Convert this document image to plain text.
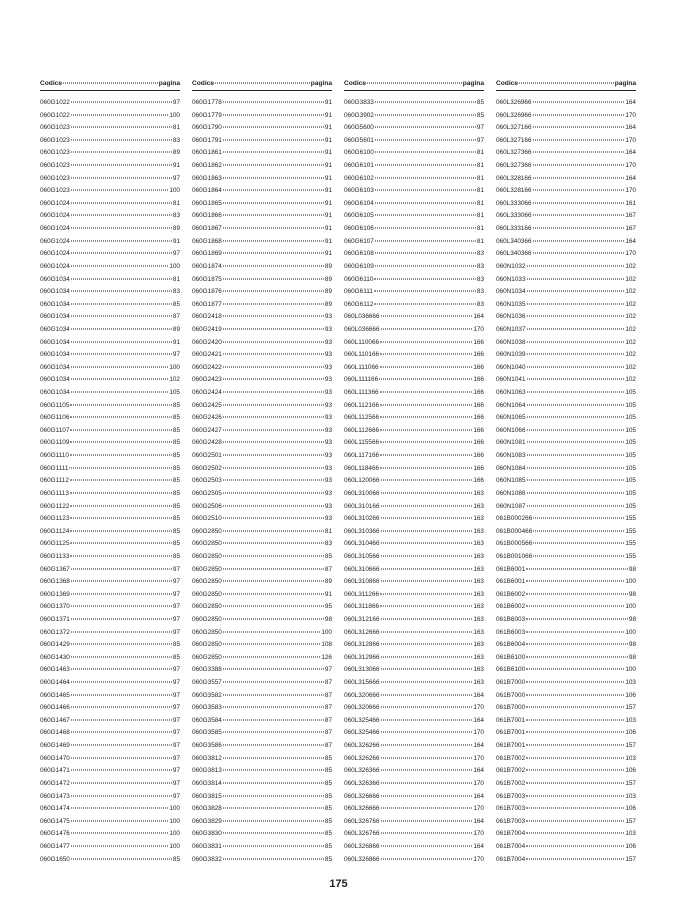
Codice	pagina
060G1022	97
060G1022	100
060G1023	81
060G1023	83
060G1023	89
060G1023	91
060G1023	97
060G1023	100
060G1024	81
060G1024	83
060G1024	89
060G1024	91
060G1024	97
060G1024	100
060G1034	81
060G1034	83
060G1034	85
060G1034	87
060G1034	89
060G1034	91
060G1034	97
060G1034	100
060G1034	102
060G1034	105
060G1105	85
060G1106	85
060G1107	85
060G1109	85
060G1110	85
060G1111	85
060G1112	85
060G1113	85
060G1122	85
060G1123	85
060G1124	85
060G1125	85
060G1133	85
060G1367	97
060G1368	97
060G1369	97
060G1370	97
060G1371	97
060G1372	97
060G1429	85
060G1430	85
060G1463	97
060G1464	97
060G1465	97
060G1466	97
060G1467	97
060G1468	97
060G1469	97
060G1470	97
060G1471	97
060G1472	97
060G1473	97
060G1474	100
060G1475	100
060G1476	100
060G1477	100
060G1650	85
Codice	pagina
060G1778	91
060G1779	91
060G1790	91
060G1791	91
060G1861	91
060G1862	91
060G1863	91
060G1864	91
060G1865	91
060G1866	91
060G1867	91
060G1868	91
060G1869	91
060G1874	89
060G1875	89
060G1876	89
060G1877	89
060G2418	93
060G2419	93
060G2420	93
060G2421	93
060G2422	93
060G2423	93
060G2424	93
060G2425	93
060G2426	93
060G2427	93
060G2428	93
060G2501	93
060G2502	93
060G2503	93
060G2505	93
060G2506	93
060G2510	93
060G2850	81
060G2850	83
060G2850	85
060G2850	87
060G2850	89
060G2850	91
060G2850	95
060G2850	98
060G2850	100
060G2850	108
060G2850	126
060G3388	97
060G3557	87
060G3582	87
060G3583	87
060G3584	87
060G3585	87
060G3586	87
060G3812	85
060G3813	85
060G3814	85
060G3815	85
060G3828	85
060G3829	85
060G3830	85
060G3831	85
060G3832	85
Codice	pagina
060G3833	85
060G3902	85
060G5600	97
060G5601	97
060G6100	81
060G6101	81
060G6102	81
060G6103	81
060G6104	81
060G6105	81
060G6106	81
060G6107	81
060G6108	83
060G6109	83
060G6110	83
060G6111	83
060G6112	83
060L036666	164
060L036666	170
060L110066	166
060L110166	166
060L111066	166
060L111166	166
060L111366	166
060L112166	166
060L112566	166
060L112666	166
060L115566	166
060L117166	166
060L118466	166
060L120066	166
060L310066	163
060L310166	163
060L310266	163
060L310366	163
060L310466	163
060L310566	163
060L310666	163
060L310866	163
060L311266	163
060L311866	163
060L312166	163
060L312666	163
060L312866	163
060L312966	163
060L313066	163
060L315666	163
060L320666	164
060L320666	170
060L325466	164
060L325466	170
060L326266	164
060L326266	170
060L326366	164
060L326366	170
060L326666	164
060L326666	170
060L326766	164
060L326766	170
060L326866	164
060L326866	170
Codice	pagina
060L326966	164
060L326966	170
060L327166	164
060L327166	170
060L327366	164
060L327366	170
060L328166	164
060L328166	170
060L333066	161
060L333066	167
060L333166	167
060L340366	164
060L340366	170
060N1032	102
060N1033	102
060N1034	102
060N1035	102
060N1036	102
060N1037	102
060N1038	102
060N1039	102
060N1040	102
060N1041	102
060N1063	105
060N1064	105
060N1065	105
060N1066	105
060N1081	105
060N1083	105
060N1084	105
060N1085	105
060N1086	105
060N1087	105
061B000266	155
061B000466	155
061B000566	155
061B001066	155
061B6001	98
061B6001	100
061B6002	98
061B6002	100
061B6003	98
061B6003	100
061B6004	98
061B6100	98
061B6100	100
061B7000	103
061B7000	106
061B7000	157
061B7001	103
061B7001	106
061B7001	157
061B7002	103
061B7002	106
061B7002	157
061B7003	103
061B7003	106
061B7003	157
061B7004	103
061B7004	106
061B7004	157
175
